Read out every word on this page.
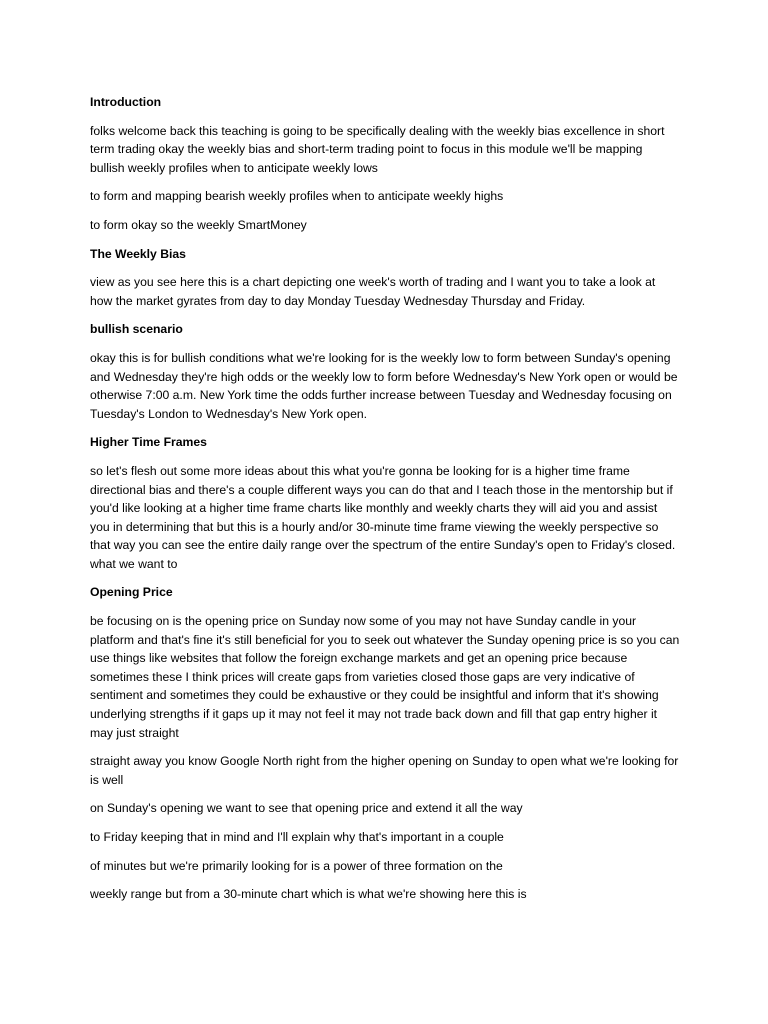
Introduction
folks welcome back this teaching is going to be specifically dealing with the weekly bias excellence in short term trading okay the weekly bias and short-term trading point to focus in this module we'll be mapping bullish weekly profiles when to anticipate weekly lows
to form and mapping bearish weekly profiles when to anticipate weekly highs
to form okay so the weekly SmartMoney
The Weekly Bias
view as you see here this is a chart depicting one week's worth of trading and I want you to take a look at how the market gyrates from day to day Monday Tuesday Wednesday Thursday and Friday.
bullish scenario
okay this is for bullish conditions what we're looking for is the weekly low to form between Sunday's opening and Wednesday they're high odds or the weekly low to form before Wednesday's New York open or would be otherwise 7:00 a.m. New York time the odds further increase between Tuesday and Wednesday focusing on Tuesday's London to Wednesday's New York open.
Higher Time Frames
so let's flesh out some more ideas about this what you're gonna be looking for is a higher time frame directional bias and there's a couple different ways you can do that and I teach those in the mentorship but if you'd like looking at a higher time frame charts like monthly and weekly charts they will aid you and assist you in determining that but this is a hourly and/or 30-minute time frame viewing the weekly perspective so that way you can see the entire daily range over the spectrum of the entire Sunday's open to Friday's closed. what we want to
Opening Price
be focusing on is the opening price on Sunday now some of you may not have Sunday candle in your platform and that's fine it's still beneficial for you to seek out whatever the Sunday opening price is so you can use things like websites that follow the foreign exchange markets and get an opening price because sometimes these I think prices will create gaps from varieties closed those gaps are very indicative of sentiment and sometimes they could be exhaustive or they could be insightful and inform that it's showing underlying strengths if it gaps up it may not feel it may not trade back down and fill that gap entry higher it may just straight
straight away you know Google North right from the higher opening on Sunday to open what we're looking for is well
on Sunday's opening we want to see that opening price and extend it all the way
to Friday keeping that in mind and I'll explain why that's important in a couple
of minutes but we're primarily looking for is a power of three formation on the
weekly range but from a 30-minute chart which is what we're showing here this is
